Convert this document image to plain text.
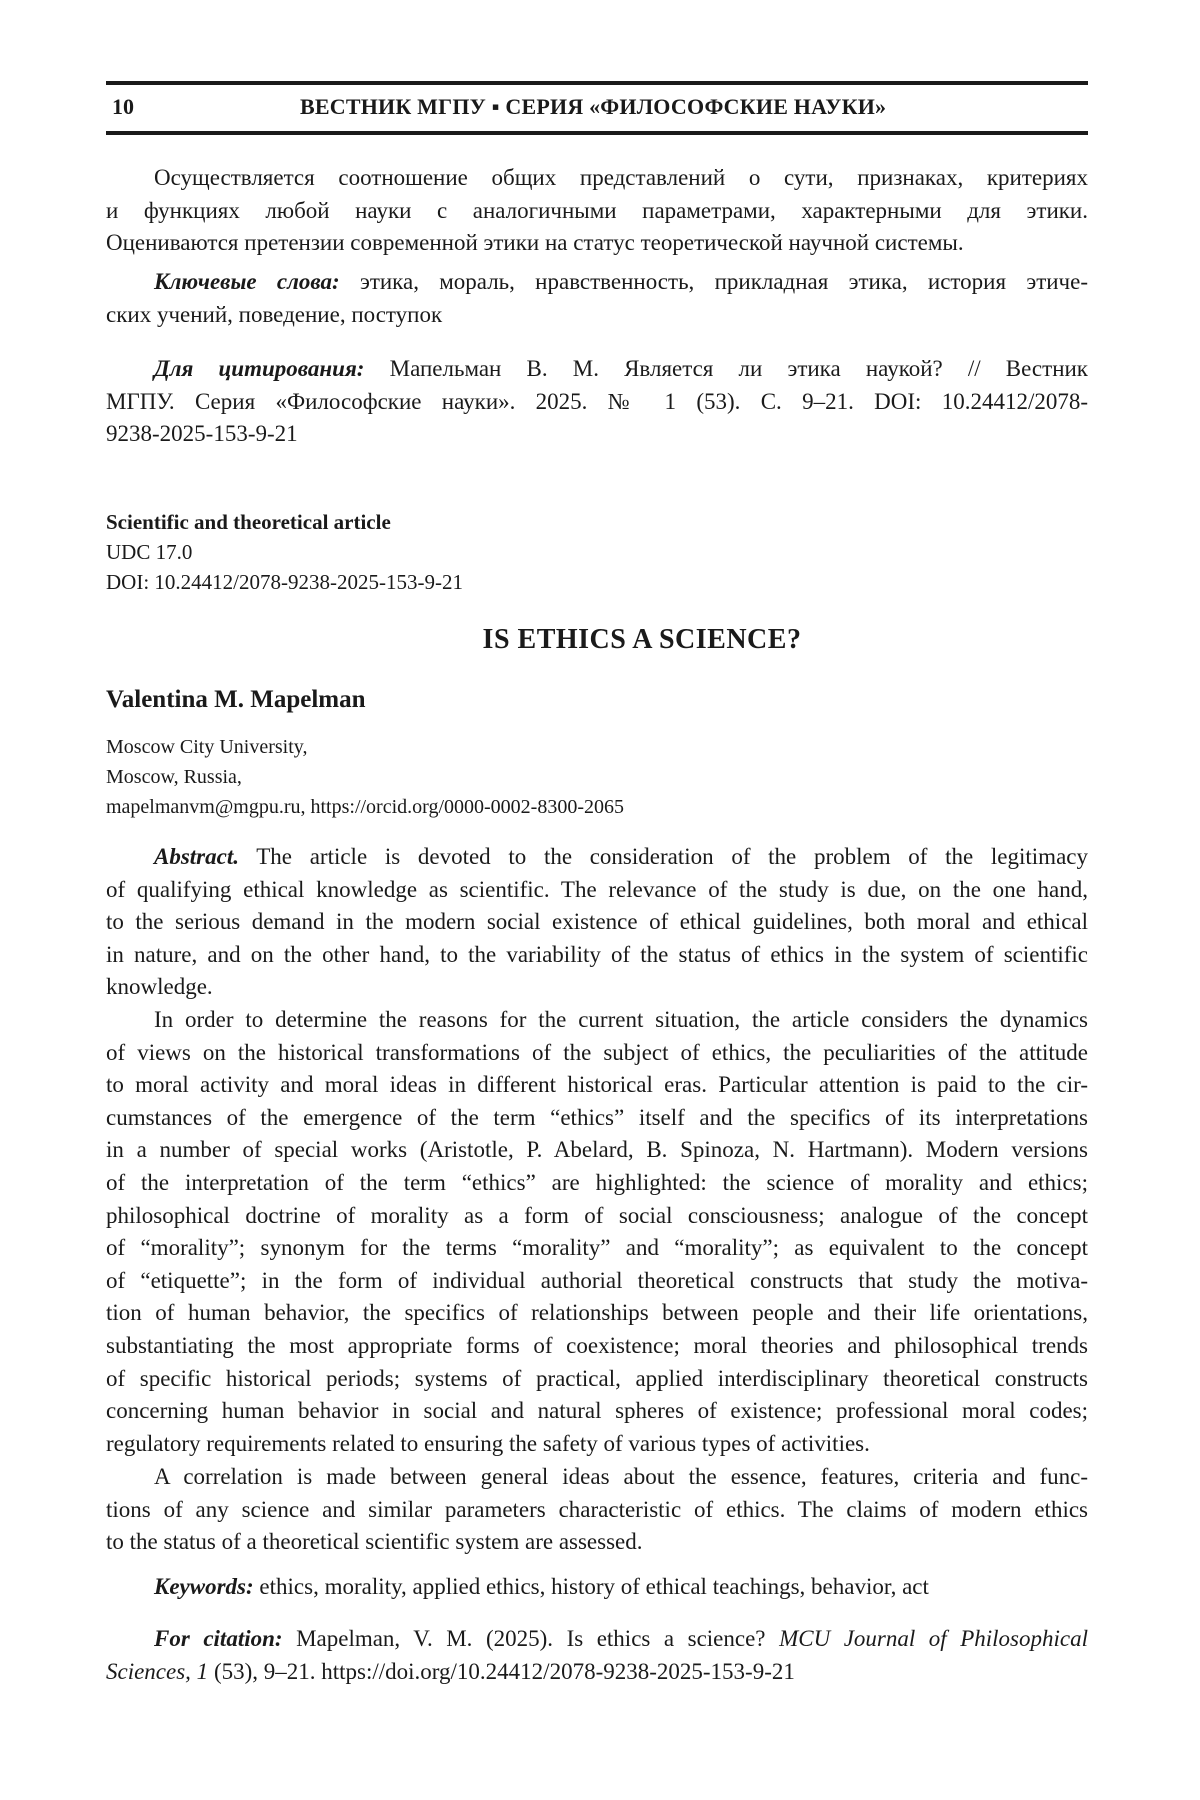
10	ВЕСТНИК МГПУ ▪ СЕРИЯ «ФИЛОСОФСКИЕ НАУКИ»
Осуществляется соотношение общих представлений о сути, признаках, критериях
и функциях любой науки с аналогичными параметрами, характерными для этики.
Оцениваются претензии современной этики на статус теоретической научной системы.
Ключевые слова: этика, мораль, нравственность, прикладная этика, история этиче-
ских учений, поведение, поступок
Для цитирования: Мапельман В. М. Является ли этика наукой? // Вестник
МГПУ. Серия «Философские науки». 2025. № 1 (53). С. 9–21. DOI: 10.24412/2078-
9238-2025-153-9-21
Scientific and theoretical article
UDC 17.0
DOI: 10.24412/2078-9238-2025-153-9-21
IS ETHICS A SCIENCE?
Valentina M. Mapelman
Moscow City University,
Moscow, Russia,
mapelmanvm@mgpu.ru, https://orcid.org/0000-0002-8300-2065
Abstract. The article is devoted to the consideration of the problem of the legitimacy
of qualifying ethical knowledge as scientific. The relevance of the study is due, on the one hand,
to the serious demand in the modern social existence of ethical guidelines, both moral and ethical
in nature, and on the other hand, to the variability of the status of ethics in the system of scientific
knowledge.
In order to determine the reasons for the current situation, the article considers the dynamics
of views on the historical transformations of the subject of ethics, the peculiarities of the attitude
to moral activity and moral ideas in different historical eras. Particular attention is paid to the cir-
cumstances of the emergence of the term “ethics” itself and the specifics of its interpretations
in a number of special works (Aristotle, P. Abelard, B. Spinoza, N. Hartmann). Modern versions
of the interpretation of the term “ethics” are highlighted: the science of morality and ethics;
philosophical doctrine of morality as a form of social consciousness; analogue of the concept
of “morality”; synonym for the terms “morality” and “morality”; as equivalent to the concept
of “etiquette”; in the form of individual authorial theoretical constructs that study the motiva-
tion of human behavior, the specifics of relationships between people and their life orientations,
substantiating the most appropriate forms of coexistence; moral theories and philosophical trends
of specific historical periods; systems of practical, applied interdisciplinary theoretical constructs
concerning human behavior in social and natural spheres of existence; professional moral codes;
regulatory requirements related to ensuring the safety of various types of activities.
A correlation is made between general ideas about the essence, features, criteria and func-
tions of any science and similar parameters characteristic of ethics. The claims of modern ethics
to the status of a theoretical scientific system are assessed.
Keywords: ethics, morality, applied ethics, history of ethical teachings, behavior, act
For citation: Mapelman, V. M. (2025). Is ethics a science? MCU Journal of Philosophical
Sciences, 1 (53), 9–21. https://doi.org/10.24412/2078-9238-2025-153-9-21
